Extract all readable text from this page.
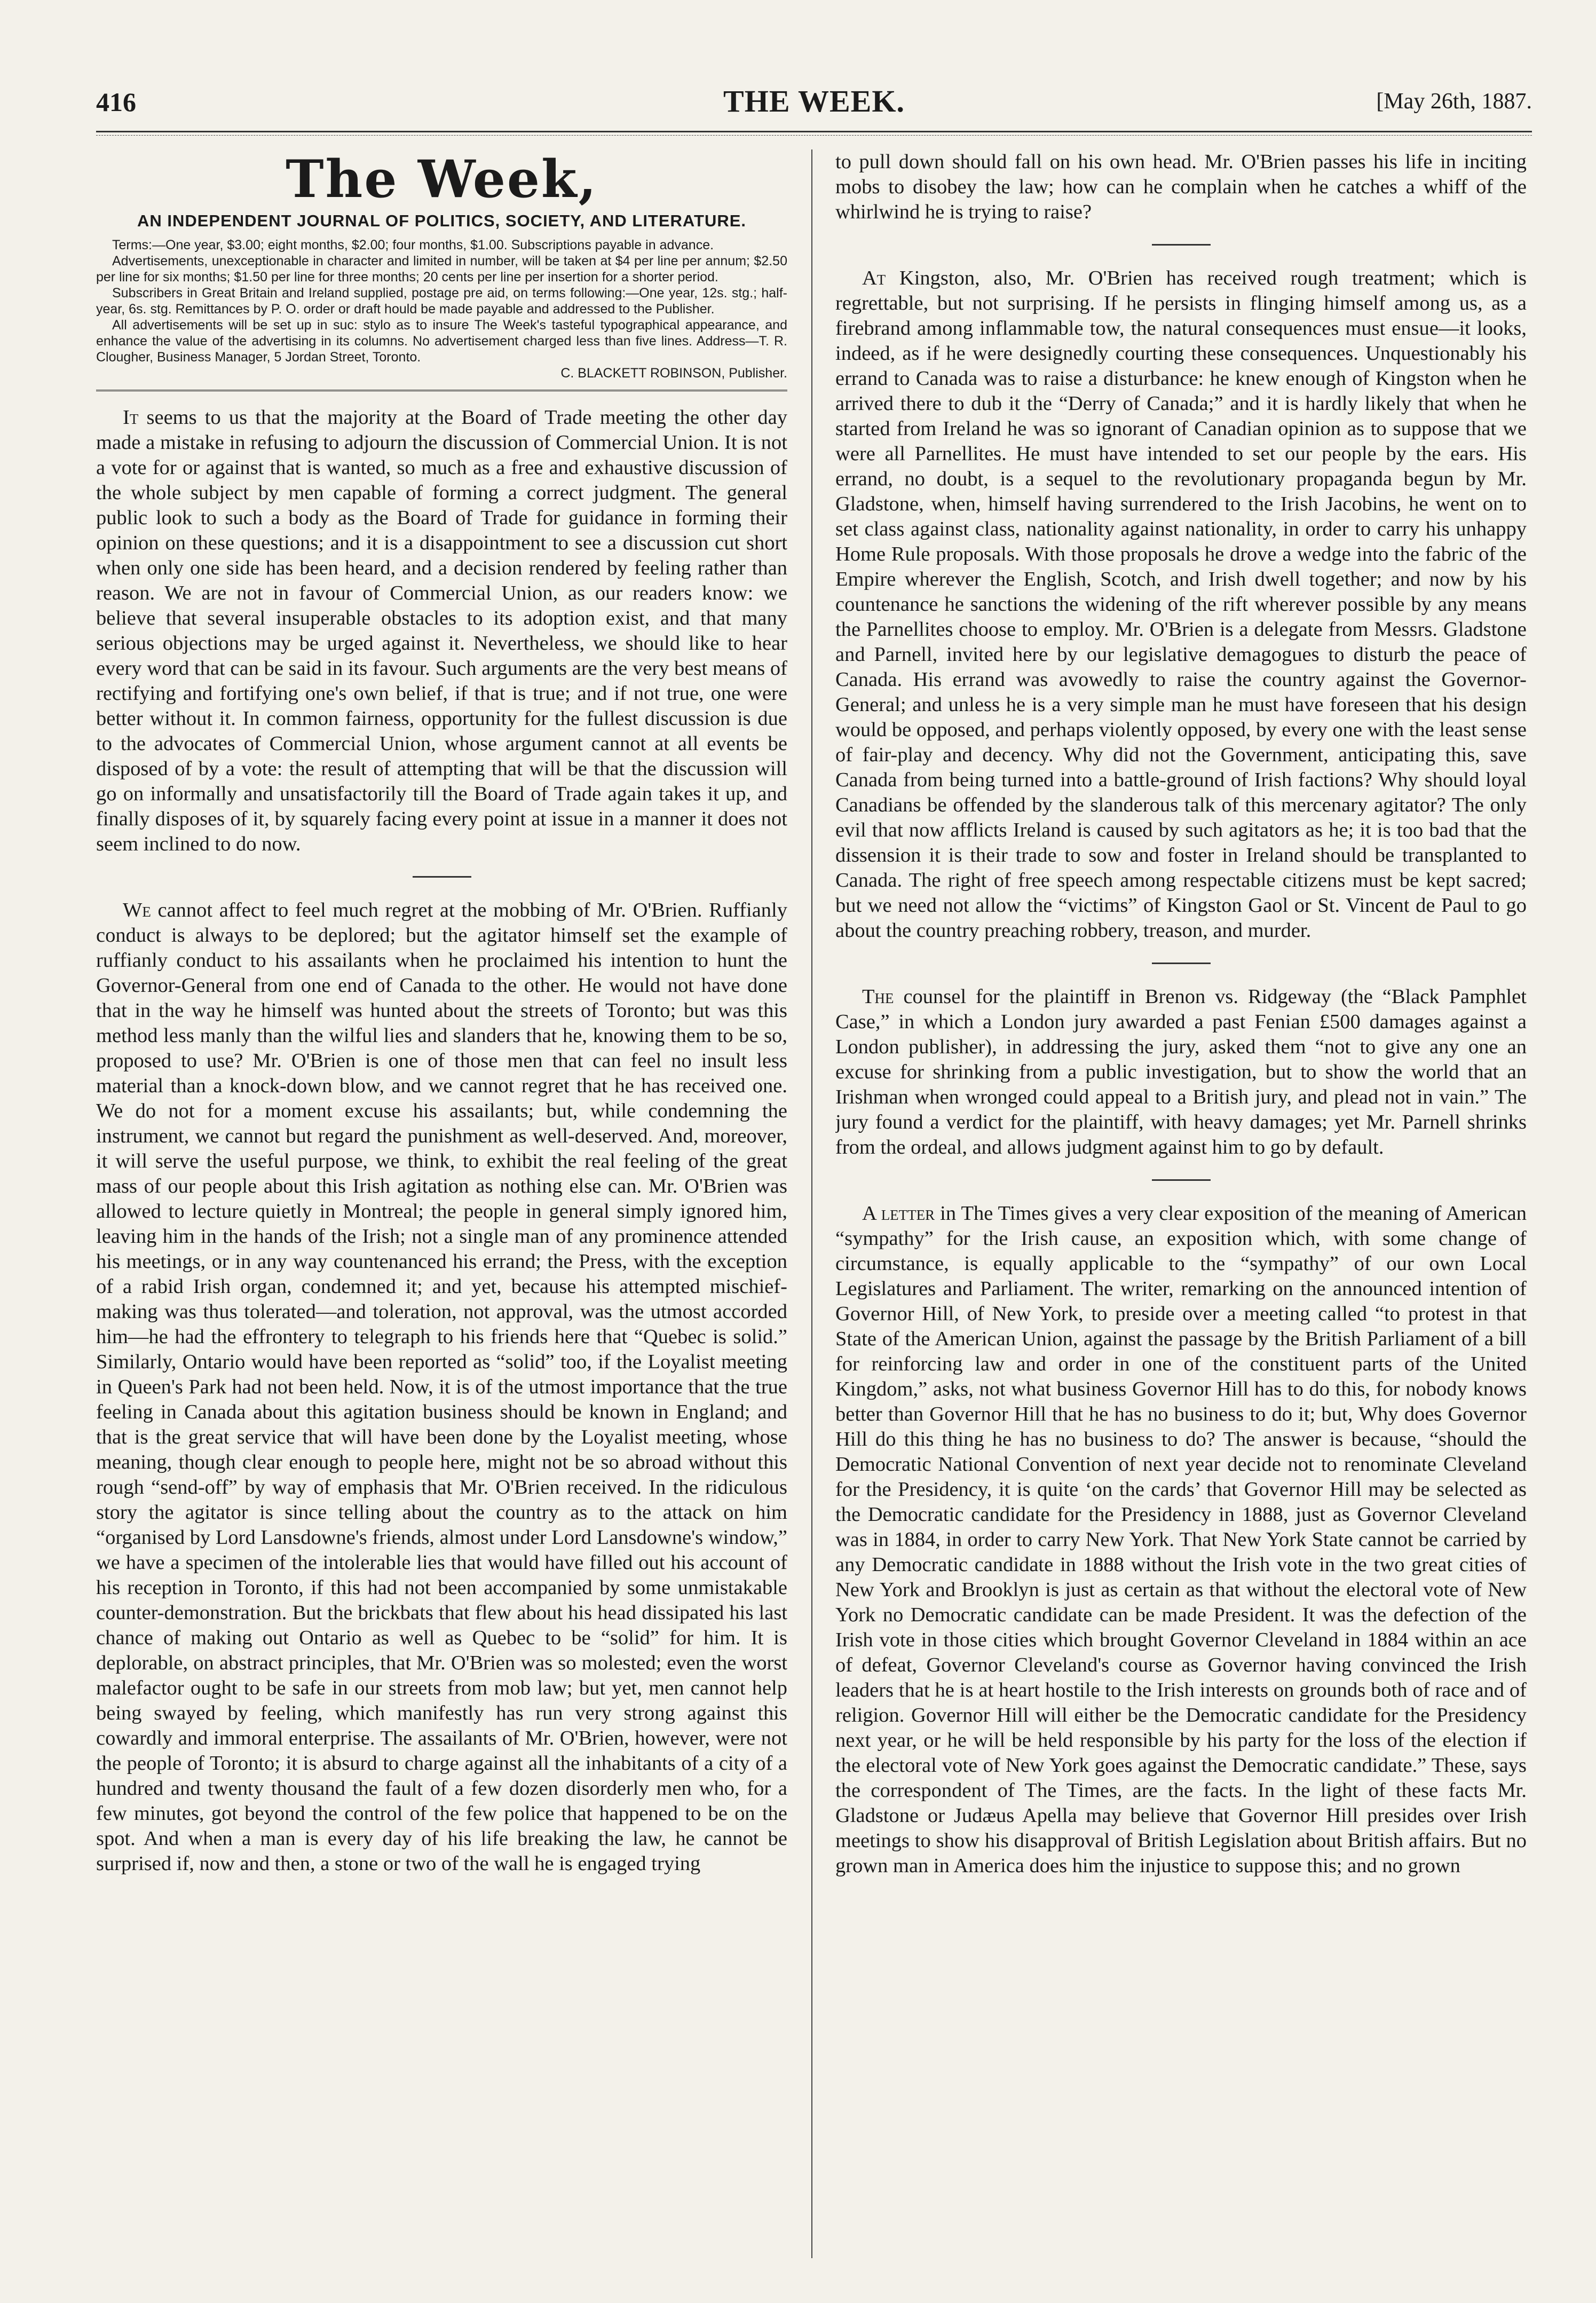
416	THE WEEK.	[May 26th, 1887.
The Week,
AN INDEPENDENT JOURNAL OF POLITICS, SOCIETY, AND LITERATURE.

Terms:—One year, $3.00; eight months, $2.00; four months, $1.00. Subscriptions payable in advance.

Advertisements, unexceptionable in character and limited in number, will be taken at $4 per line per annum; $2.50 per line for six months; $1.50 per line for three months; 20 cents per line per insertion for a shorter period.

Subscribers in Great Britain and Ireland supplied, postage pre aid, on terms following:—One year, 12s. stg.; half-year, 6s. stg. Remittances by P. O. order or draft hould be made payable and addressed to the Publisher.

All advertisements will be set up in suc: stylo as to insure The Week's tasteful typographical appearance, and enhance the value of the advertising in its columns. No advertisement charged less than five lines. Address—T. R. Clougher, Business Manager, 5 Jordan Street, Toronto.

C. BLACKETT ROBINSON, Publisher.

It seems to us that the majority at the Board of Trade meeting the other day made a mistake in refusing to adjourn the discussion of Commercial Union. It is not a vote for or against that is wanted, so much as a free and exhaustive discussion of the whole subject by men capable of forming a correct judgment. The general public look to such a body as the Board of Trade for guidance in forming their opinion on these questions; and it is a disappointment to see a discussion cut short when only one side has been heard, and a decision rendered by feeling rather than reason. We are not in favour of Commercial Union, as our readers know: we believe that several insuperable obstacles to its adoption exist, and that many serious objections may be urged against it. Nevertheless, we should like to hear every word that can be said in its favour. Such arguments are the very best means of rectifying and fortifying one's own belief, if that is true; and if not true, one were better without it. In common fairness, opportunity for the fullest discussion is due to the advocates of Commercial Union, whose argument cannot at all events be disposed of by a vote: the result of attempting that will be that the discussion will go on informally and unsatisfactorily till the Board of Trade again takes it up, and finally disposes of it, by squarely facing every point at issue in a manner it does not seem inclined to do now.

We cannot affect to feel much regret at the mobbing of Mr. O'Brien. Ruffianly conduct is always to be deplored; but the agitator himself set the example of ruffianly conduct to his assailants when he proclaimed his intention to hunt the Governor-General from one end of Canada to the other. He would not have done that in the way he himself was hunted about the streets of Toronto; but was this method less manly than the wilful lies and slanders that he, knowing them to be so, proposed to use? Mr. O'Brien is one of those men that can feel no insult less material than a knock-down blow, and we cannot regret that he has received one. We do not for a moment excuse his assailants; but, while condemning the instrument, we cannot but regard the punishment as well-deserved. And, moreover, it will serve the useful purpose, we think, to exhibit the real feeling of the great mass of our people about this Irish agitation as nothing else can. Mr. O'Brien was allowed to lecture quietly in Montreal; the people in general simply ignored him, leaving him in the hands of the Irish; not a single man of any prominence attended his meetings, or in any way countenanced his errand; the Press, with the exception of a rabid Irish organ, condemned it; and yet, because his attempted mischief-making was thus tolerated—and toleration, not approval, was the utmost accorded him—he had the effrontery to telegraph to his friends here that “Quebec is solid.” Similarly, Ontario would have been reported as “solid” too, if the Loyalist meeting in Queen's Park had not been held. Now, it is of the utmost importance that the true feeling in Canada about this agitation business should be known in England; and that is the great service that will have been done by the Loyalist meeting, whose meaning, though clear enough to people here, might not be so abroad without this rough “send-off” by way of emphasis that Mr. O'Brien received. In the ridiculous story the agitator is since telling about the country as to the attack on him “organised by Lord Lansdowne's friends, almost under Lord Lansdowne's window,” we have a specimen of the intolerable lies that would have filled out his account of his reception in Toronto, if this had not been accompanied by some unmistakable counter-demonstration. But the brickbats that flew about his head dissipated his last chance of making out Ontario as well as Quebec to be “solid” for him. It is deplorable, on abstract principles, that Mr. O'Brien was so molested; even the worst malefactor ought to be safe in our streets from mob law; but yet, men cannot help being swayed by feeling, which manifestly has run very strong against this cowardly and immoral enterprise. The assailants of Mr. O'Brien, however, were not the people of Toronto; it is absurd to charge against all the inhabitants of a city of a hundred and twenty thousand the fault of a few dozen disorderly men who, for a few minutes, got beyond the control of the few police that happened to be on the spot. And when a man is every day of his life breaking the law, he cannot be surprised if, now and then, a stone or two of the wall he is engaged trying

to pull down should fall on his own head. Mr. O'Brien passes his life in inciting mobs to disobey the law; how can he complain when he catches a whiff of the whirlwind he is trying to raise?

At Kingston, also, Mr. O'Brien has received rough treatment; which is regrettable, but not surprising. If he persists in flinging himself among us, as a firebrand among inflammable tow, the natural consequences must ensue—it looks, indeed, as if he were designedly courting these consequences. Unquestionably his errand to Canada was to raise a disturbance: he knew enough of Kingston when he arrived there to dub it the “Derry of Canada;” and it is hardly likely that when he started from Ireland he was so ignorant of Canadian opinion as to suppose that we were all Parnellites. He must have intended to set our people by the ears. His errand, no doubt, is a sequel to the revolutionary propaganda begun by Mr. Gladstone, when, himself having surrendered to the Irish Jacobins, he went on to set class against class, nationality against nationality, in order to carry his unhappy Home Rule proposals. With those proposals he drove a wedge into the fabric of the Empire wherever the English, Scotch, and Irish dwell together; and now by his countenance he sanctions the widening of the rift wherever possible by any means the Parnellites choose to employ. Mr. O'Brien is a delegate from Messrs. Gladstone and Parnell, invited here by our legislative demagogues to disturb the peace of Canada. His errand was avowedly to raise the country against the Governor-General; and unless he is a very simple man he must have foreseen that his design would be opposed, and perhaps violently opposed, by every one with the least sense of fair-play and decency. Why did not the Government, anticipating this, save Canada from being turned into a battle-ground of Irish factions? Why should loyal Canadians be offended by the slanderous talk of this mercenary agitator? The only evil that now afflicts Ireland is caused by such agitators as he; it is too bad that the dissension it is their trade to sow and foster in Ireland should be transplanted to Canada. The right of free speech among respectable citizens must be kept sacred; but we need not allow the “victims” of Kingston Gaol or St. Vincent de Paul to go about the country preaching robbery, treason, and murder.

The counsel for the plaintiff in Brenon vs. Ridgeway (the “Black Pamphlet Case,” in which a London jury awarded a past Fenian £500 damages against a London publisher), in addressing the jury, asked them “not to give any one an excuse for shrinking from a public investigation, but to show the world that an Irishman when wronged could appeal to a British jury, and plead not in vain.” The jury found a verdict for the plaintiff, with heavy damages; yet Mr. Parnell shrinks from the ordeal, and allows judgment against him to go by default.

A letter in The Times gives a very clear exposition of the meaning of American “sympathy” for the Irish cause, an exposition which, with some change of circumstance, is equally applicable to the “sympathy” of our own Local Legislatures and Parliament. The writer, remarking on the announced intention of Governor Hill, of New York, to preside over a meeting called “to protest in that State of the American Union, against the passage by the British Parliament of a bill for reinforcing law and order in one of the constituent parts of the United Kingdom,” asks, not what business Governor Hill has to do this, for nobody knows better than Governor Hill that he has no business to do it; but, Why does Governor Hill do this thing he has no business to do? The answer is because, “should the Democratic National Convention of next year decide not to renominate Cleveland for the Presidency, it is quite ‘on the cards’ that Governor Hill may be selected as the Democratic candidate for the Presidency in 1888, just as Governor Cleveland was in 1884, in order to carry New York. That New York State cannot be carried by any Democratic candidate in 1888 without the Irish vote in the two great cities of New York and Brooklyn is just as certain as that without the electoral vote of New York no Democratic candidate can be made President. It was the defection of the Irish vote in those cities which brought Governor Cleveland in 1884 within an ace of defeat, Governor Cleveland's course as Governor having convinced the Irish leaders that he is at heart hostile to the Irish interests on grounds both of race and of religion. Governor Hill will either be the Democratic candidate for the Presidency next year, or he will be held responsible by his party for the loss of the election if the electoral vote of New York goes against the Democratic candidate.” These, says the correspondent of The Times, are the facts. In the light of these facts Mr. Gladstone or Judæus Apella may believe that Governor Hill presides over Irish meetings to show his disapproval of British Legislation about British affairs. But no grown man in America does him the injustice to suppose this; and no grown
